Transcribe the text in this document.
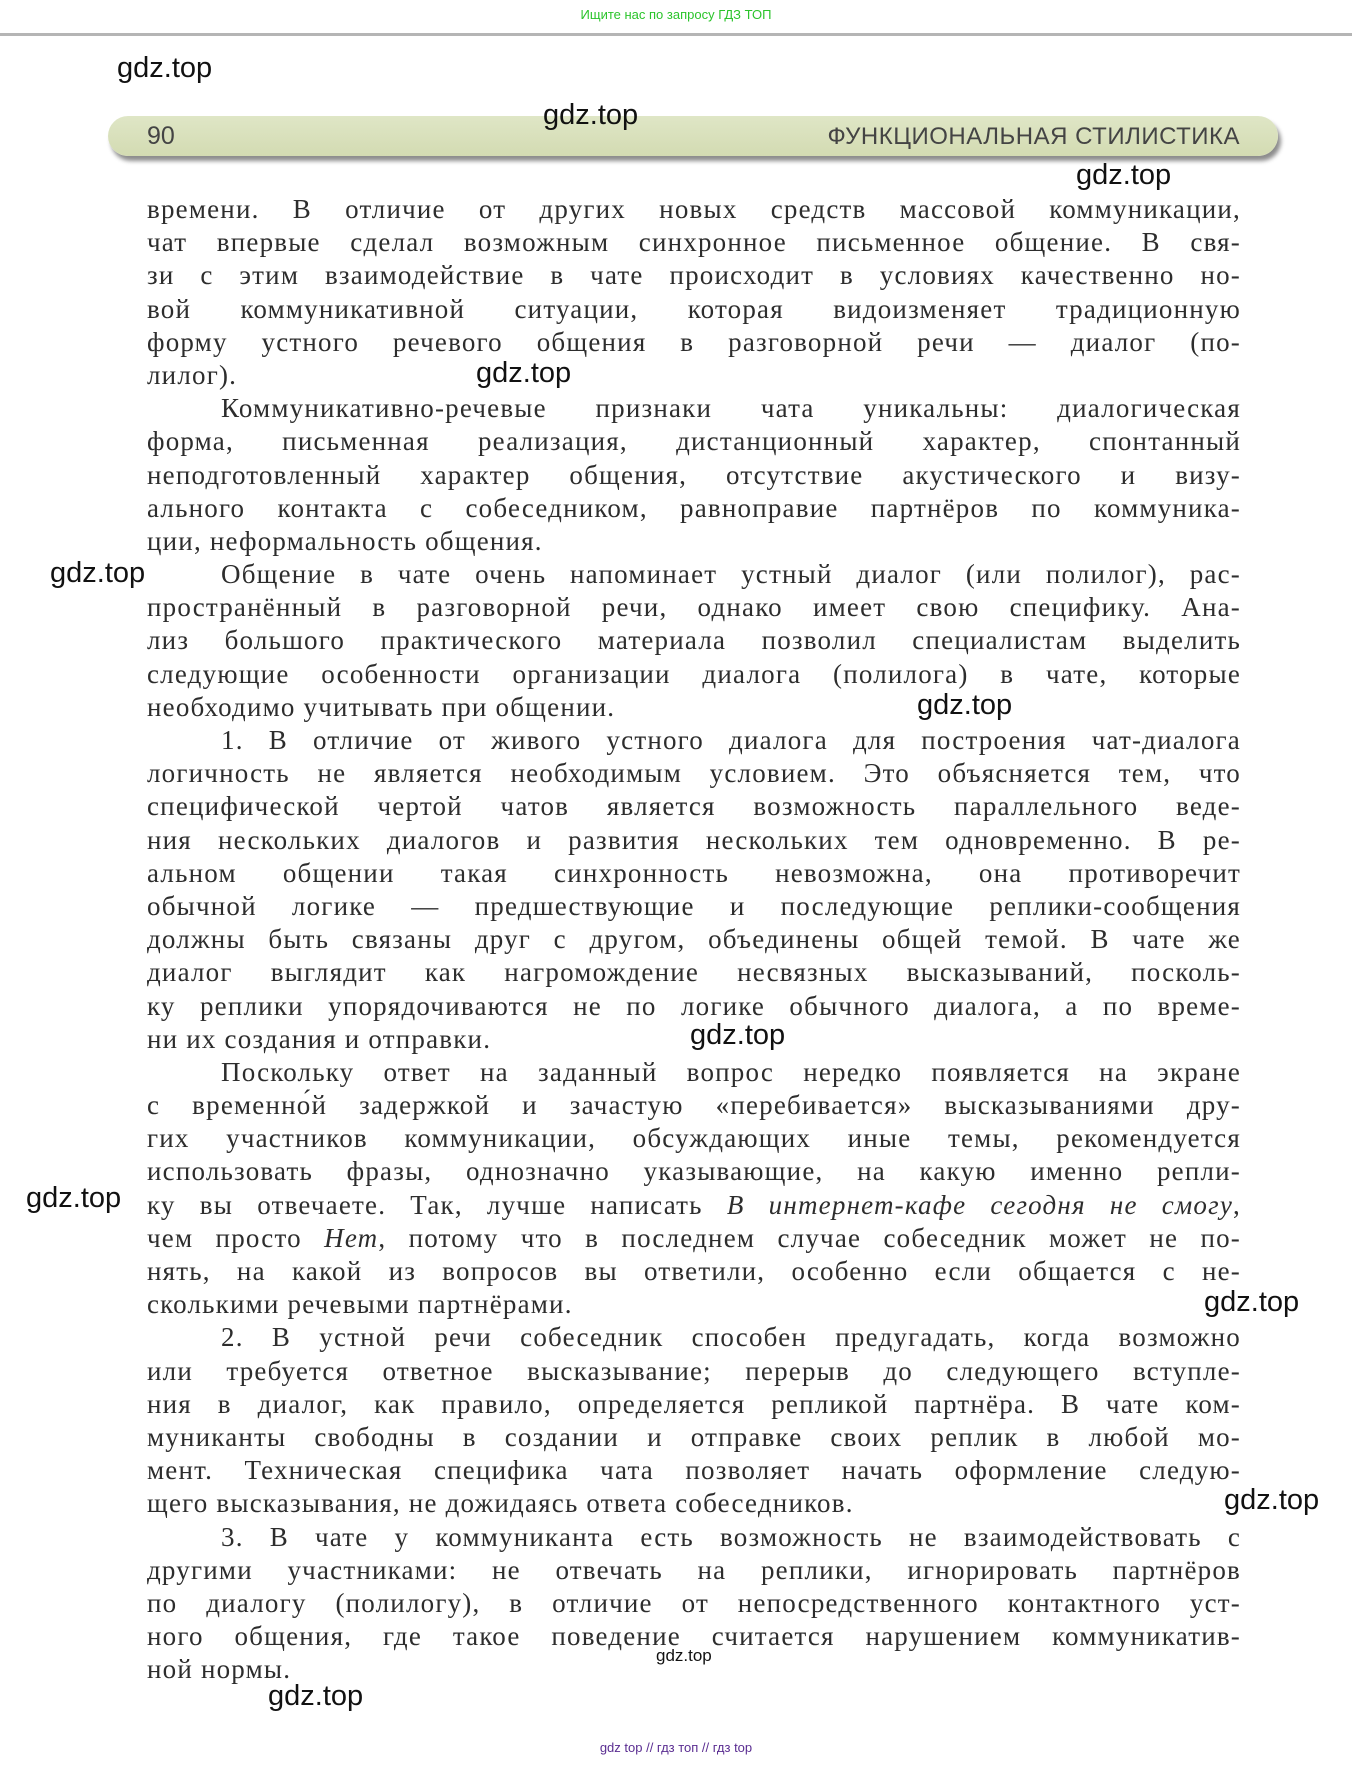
Ищите нас по запросу ГДЗ ТОП
90	ФУНКЦИОНАЛЬНАЯ СТИЛИСТИКА
времени. В отличие от других новых средств массовой коммуникации,
чат впервые сделал возможным синхронное письменное общение. В свя-
зи с этим взаимодействие в чате происходит в условиях качественно но-
вой коммуникативной ситуации, которая видоизменяет традиционную
форму устного речевого общения в разговорной речи — диалог (по-
лилог).
Коммуникативно-речевые признаки чата уникальны: диалогическая
форма, письменная реализация, дистанционный характер, спонтанный
неподготовленный характер общения, отсутствие акустического и визу-
ального контакта с собеседником, равноправие партнёров по коммуника-
ции, неформальность общения.
Общение в чате очень напоминает устный диалог (или полилог), рас-
пространённый в разговорной речи, однако имеет свою специфику. Ана-
лиз большого практического материала позволил специалистам выделить
следующие особенности организации диалога (полилога) в чате, которые
необходимо учитывать при общении.
1. В отличие от живого устного диалога для построения чат-диалога
логичность не является необходимым условием. Это объясняется тем, что
специфической чертой чатов является возможность параллельного веде-
ния нескольких диалогов и развития нескольких тем одновременно. В ре-
альном общении такая синхронность невозможна, она противоречит
обычной логике — предшествующие и последующие реплики-сообщения
должны быть связаны друг с другом, объединены общей темой. В чате же
диалог выглядит как нагромождение несвязных высказываний, посколь-
ку реплики упорядочиваются не по логике обычного диалога, а по време-
ни их создания и отправки.
Поскольку ответ на заданный вопрос нередко появляется на экране
с временно́й задержкой и зачастую «перебивается» высказываниями дру-
гих участников коммуникации, обсуждающих иные темы, рекомендуется
использовать фразы, однозначно указывающие, на какую именно репли-
ку вы отвечаете. Так, лучше написать В интернет-кафе сегодня не смогу,
чем просто Нет, потому что в последнем случае собеседник может не по-
нять, на какой из вопросов вы ответили, особенно если общается с не-
сколькими речевыми партнёрами.
2. В устной речи собеседник способен предугадать, когда возможно
или требуется ответное высказывание; перерыв до следующего вступле-
ния в диалог, как правило, определяется репликой партнёра. В чате ком-
муниканты свободны в создании и отправке своих реплик в любой мо-
мент. Техническая специфика чата позволяет начать оформление следую-
щего высказывания, не дожидаясь ответа собеседников.
3. В чате у коммуниканта есть возможность не взаимодействовать с
другими участниками: не отвечать на реплики, игнорировать партнёров
по диалогу (полилогу), в отличие от непосредственного контактного уст-
ного общения, где такое поведение считается нарушением коммуникатив-
ной нормы.
gdz.top
gdz.top
gdz.top
gdz.top
gdz.top
gdz.top
gdz.top
gdz.top
gdz.top
gdz.top
gdz.top
gdz.top
gdz top // гдз топ // гдз top
